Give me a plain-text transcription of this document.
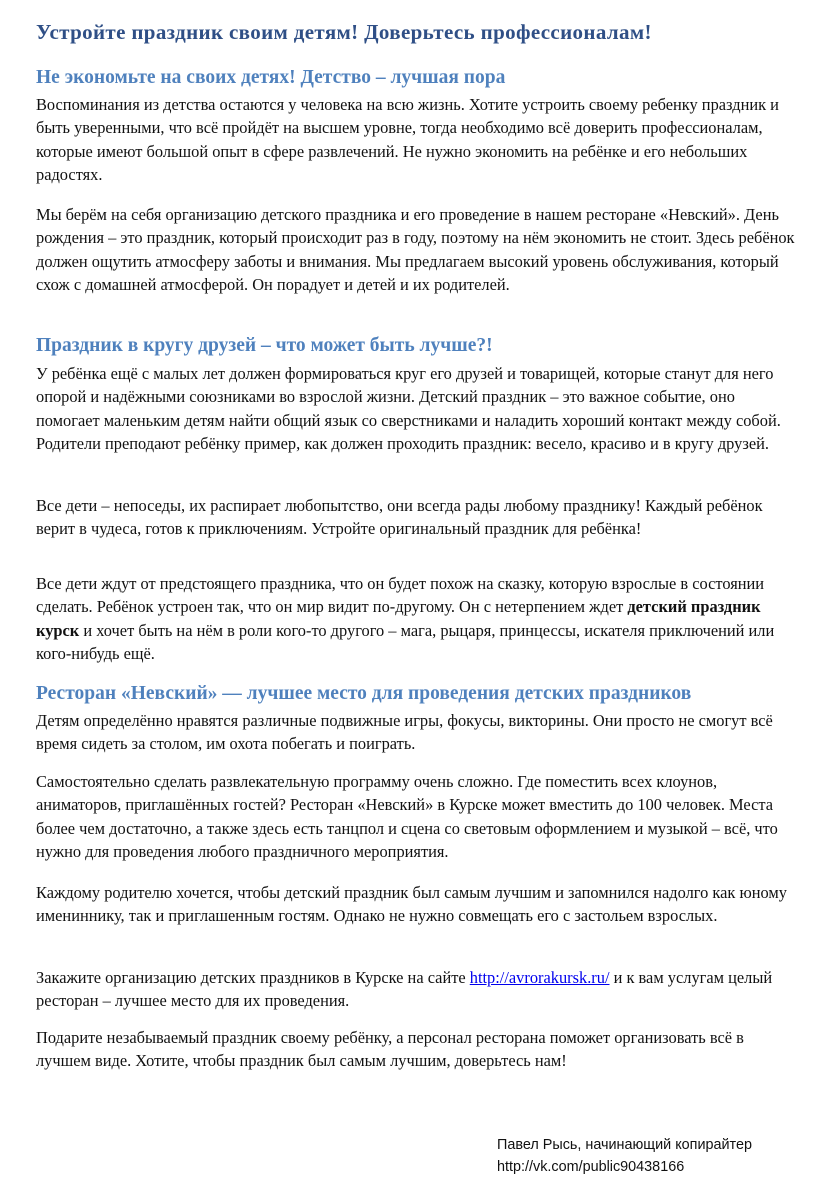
Устройте праздник своим детям! Доверьтесь профессионалам!
Не экономьте на своих детях! Детство – лучшая пора

Воспоминания из детства остаются у человека на всю жизнь. Хотите устроить своему ребенку праздник и быть уверенными, что всё пройдёт на высшем уровне, тогда необходимо всё доверить профессионалам, которые имеют большой опыт в сфере развлечений. Не нужно экономить на ребёнке и его небольших радостях.

Мы берём на себя организацию детского праздника и его проведение в нашем ресторане «Невский». День рождения – это праздник, который происходит раз в году, поэтому на нём экономить не стоит. Здесь ребёнок должен ощутить атмосферу заботы и внимания. Мы предлагаем высокий уровень обслуживания, который схож с домашней атмосферой. Он порадует и детей и их родителей.

Праздник в кругу друзей – что может быть лучше?!

У ребёнка ещё с малых лет должен формироваться круг его друзей и товарищей, которые станут для него опорой и надёжными союзниками во взрослой жизни. Детский праздник – это важное событие, оно помогает маленьким детям найти общий язык со сверстниками и наладить хороший контакт между собой. Родители преподают ребёнку пример, как должен проходить праздник: весело, красиво и в кругу друзей.

Все дети – непоседы, их распирает любопытство, они всегда рады любому празднику! Каждый ребёнок верит в чудеса, готов к приключениям. Устройте оригинальный праздник для ребёнка!

Все дети ждут от предстоящего праздника, что он будет похож на сказку, которую взрослые в состоянии сделать. Ребёнок устроен так, что он мир видит по-другому. Он с нетерпением ждет детский праздник курск и хочет быть на нём в роли кого-то другого – мага, рыцаря, принцессы, искателя приключений или кого-нибудь ещё.

Ресторан «Невский» — лучшее место для проведения детских праздников

Детям определённо нравятся различные подвижные игры, фокусы, викторины. Они просто не смогут всё время сидеть за столом, им охота побегать и поиграть.

Самостоятельно сделать развлекательную программу очень сложно. Где поместить всех клоунов, аниматоров, приглашённых гостей? Ресторан «Невский» в Курске может вместить до 100 человек. Места более чем достаточно, а также здесь есть танцпол и сцена со световым оформлением и музыкой – всё, что нужно для проведения любого праздничного мероприятия.

Каждому родителю хочется, чтобы детский праздник был самым лучшим и запомнился надолго как юному имениннику, так и приглашенным гостям. Однако не нужно совмещать его с застольем взрослых.

Закажите организацию детских праздников в Курске на сайте http://avrorakursk.ru/ и к вам услугам целый ресторан – лучшее место для их проведения.

Подарите незабываемый праздник своему ребёнку, а персонал ресторана поможет организовать всё в лучшем виде. Хотите, чтобы праздник был самым лучшим, доверьтесь нам!

Павел Рысь, начинающий копирайтер
http://vk.com/public90438166
